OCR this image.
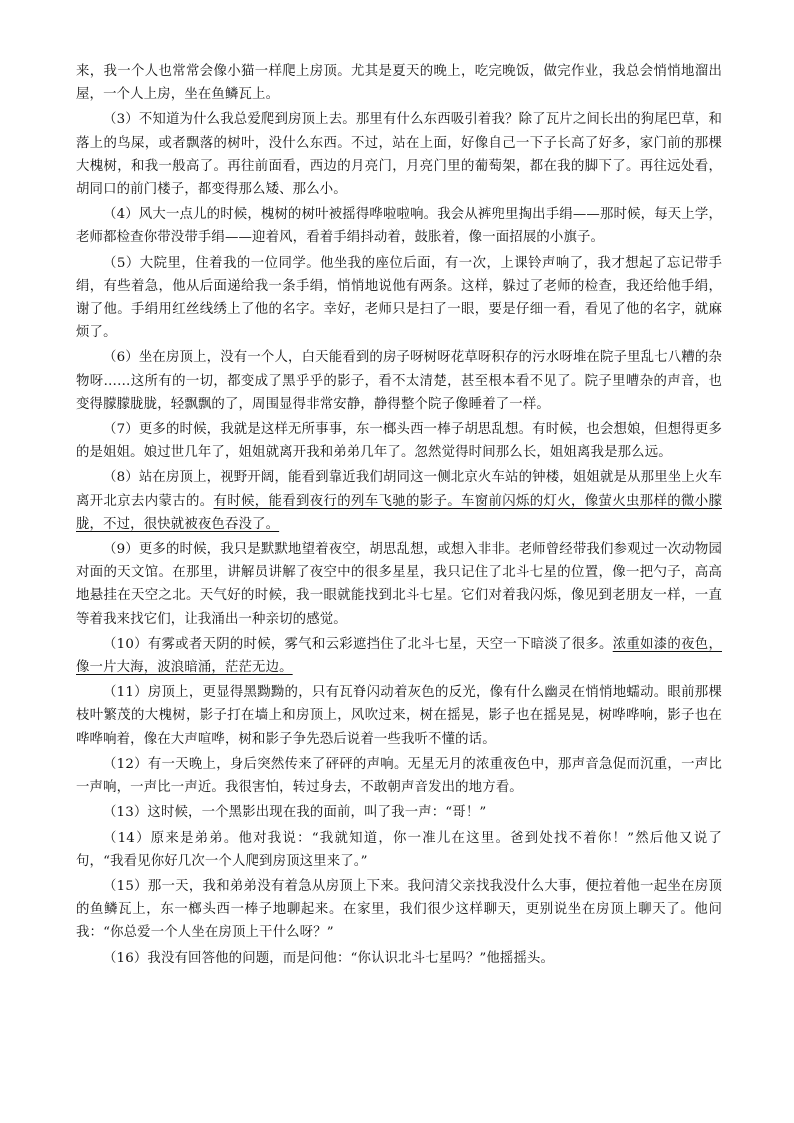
来，我一个人也常常会像小猫一样爬上房顶。尤其是夏天的晚上，吃完晚饭，做完作业，我总会悄悄地溜出屋，一个人上房，坐在鱼鳞瓦上。

（3）不知道为什么我总爱爬到房顶上去。那里有什么东西吸引着我？除了瓦片之间长出的狗尾巴草，和落上的鸟屎，或者飘落的树叶，没什么东西。不过，站在上面，好像自己一下子长高了好多，家门前的那棵大槐树，和我一般高了。再往前面看，西边的月亮门，月亮门里的葡萄架，都在我的脚下了。再往远处看，胡同口的前门楼子，都变得那么矮、那么小。

（4）风大一点儿的时候，槐树的树叶被摇得哗啦啦响。我会从裤兜里掏出手绢——那时候，每天上学，老师都检查你带没带手绢——迎着风，看着手绢抖动着，鼓胀着，像一面招展的小旗子。

（5）大院里，住着我的一位同学。他坐我的座位后面，有一次，上课铃声响了，我才想起了忘记带手绢，有些着急，他从后面递给我一条手绢，悄悄地说他有两条。这样，躲过了老师的检查，我还给他手绢，谢了他。手绢用红丝线绣上了他的名字。幸好，老师只是扫了一眼，要是仔细一看，看见了他的名字，就麻烦了。

（6）坐在房顶上，没有一个人，白天能看到的房子呀树呀花草呀积存的污水呀堆在院子里乱七八糟的杂物呀……这所有的一切，都变成了黑乎乎的影子，看不太清楚，甚至根本看不见了。院子里嘈杂的声音，也变得朦朦胧胧，轻飘飘的了，周围显得非常安静，静得整个院子像睡着了一样。

（7）更多的时候，我就是这样无所事事，东一榔头西一棒子胡思乱想。有时候，也会想娘，但想得更多的是姐姐。娘过世几年了，姐姐就离开我和弟弟几年了。忽然觉得时间那么长，姐姐离我是那么远。

（8）站在房顶上，视野开阔，能看到靠近我们胡同这一侧北京火车站的钟楼，姐姐就是从那里坐上火车离开北京去内蒙古的。有时候，能看到夜行的列车飞驰的影子。车窗前闪烁的灯火，像萤火虫那样的微小朦胧，不过，很快就被夜色吞没了。

（9）更多的时候，我只是默默地望着夜空，胡思乱想，或想入非非。老师曾经带我们参观过一次动物园对面的天文馆。在那里，讲解员讲解了夜空中的很多星星，我只记住了北斗七星的位置，像一把勺子，高高地悬挂在天空之北。天气好的时候，我一眼就能找到北斗七星。它们对着我闪烁，像见到老朋友一样，一直等着我来找它们，让我涌出一种亲切的感觉。

（10）有雾或者天阴的时候，雾气和云彩遮挡住了北斗七星，天空一下暗淡了很多。浓重如漆的夜色，像一片大海，波浪暗涌，茫茫无边。

（11）房顶上，更显得黑黝黝的，只有瓦脊闪动着灰色的反光，像有什么幽灵在悄悄地蠕动。眼前那棵枝叶繁茂的大槐树，影子打在墙上和房顶上，风吹过来，树在摇晃，影子也在摇晃晃，树哗哗响，影子也在哗哗响着，像在大声喧哗，树和影子争先恐后说着一些我听不懂的话。

（12）有一天晚上，身后突然传来了砰砰的声响。无星无月的浓重夜色中，那声音急促而沉重，一声比一声响，一声比一声近。我很害怕，转过身去，不敢朝声音发出的地方看。

（13）这时候，一个黑影出现在我的面前，叫了我一声：“哥！”

（14）原来是弟弟。他对我说：“我就知道，你一准儿在这里。爸到处找不着你！”然后他又说了句，“我看见你好几次一个人爬到房顶这里来了。”

（15）那一天，我和弟弟没有着急从房顶上下来。我问清父亲找我没什么大事，便拉着他一起坐在房顶的鱼鳞瓦上，东一榔头西一棒子地聊起来。在家里，我们很少这样聊天，更别说坐在房顶上聊天了。他问我：“你总爱一个人坐在房顶上干什么呀？”

（16）我没有回答他的问题，而是问他：“你认识北斗七星吗？”他摇摇头。
